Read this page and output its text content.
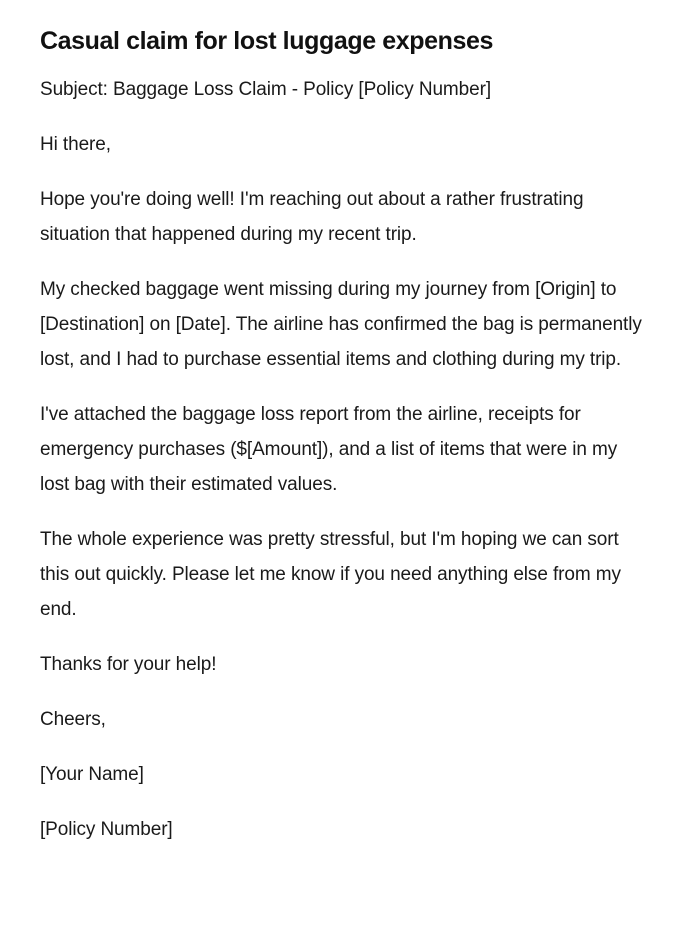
Casual claim for lost luggage expenses

Subject: Baggage Loss Claim - Policy [Policy Number]

Hi there,

Hope you're doing well! I'm reaching out about a rather frustrating situation that happened during my recent trip.

My checked baggage went missing during my journey from [Origin] to [Destination] on [Date]. The airline has confirmed the bag is permanently lost, and I had to purchase essential items and clothing during my trip.

I've attached the baggage loss report from the airline, receipts for emergency purchases ($[Amount]), and a list of items that were in my lost bag with their estimated values.

The whole experience was pretty stressful, but I'm hoping we can sort this out quickly. Please let me know if you need anything else from my end.

Thanks for your help!

Cheers,

[Your Name]

[Policy Number]
